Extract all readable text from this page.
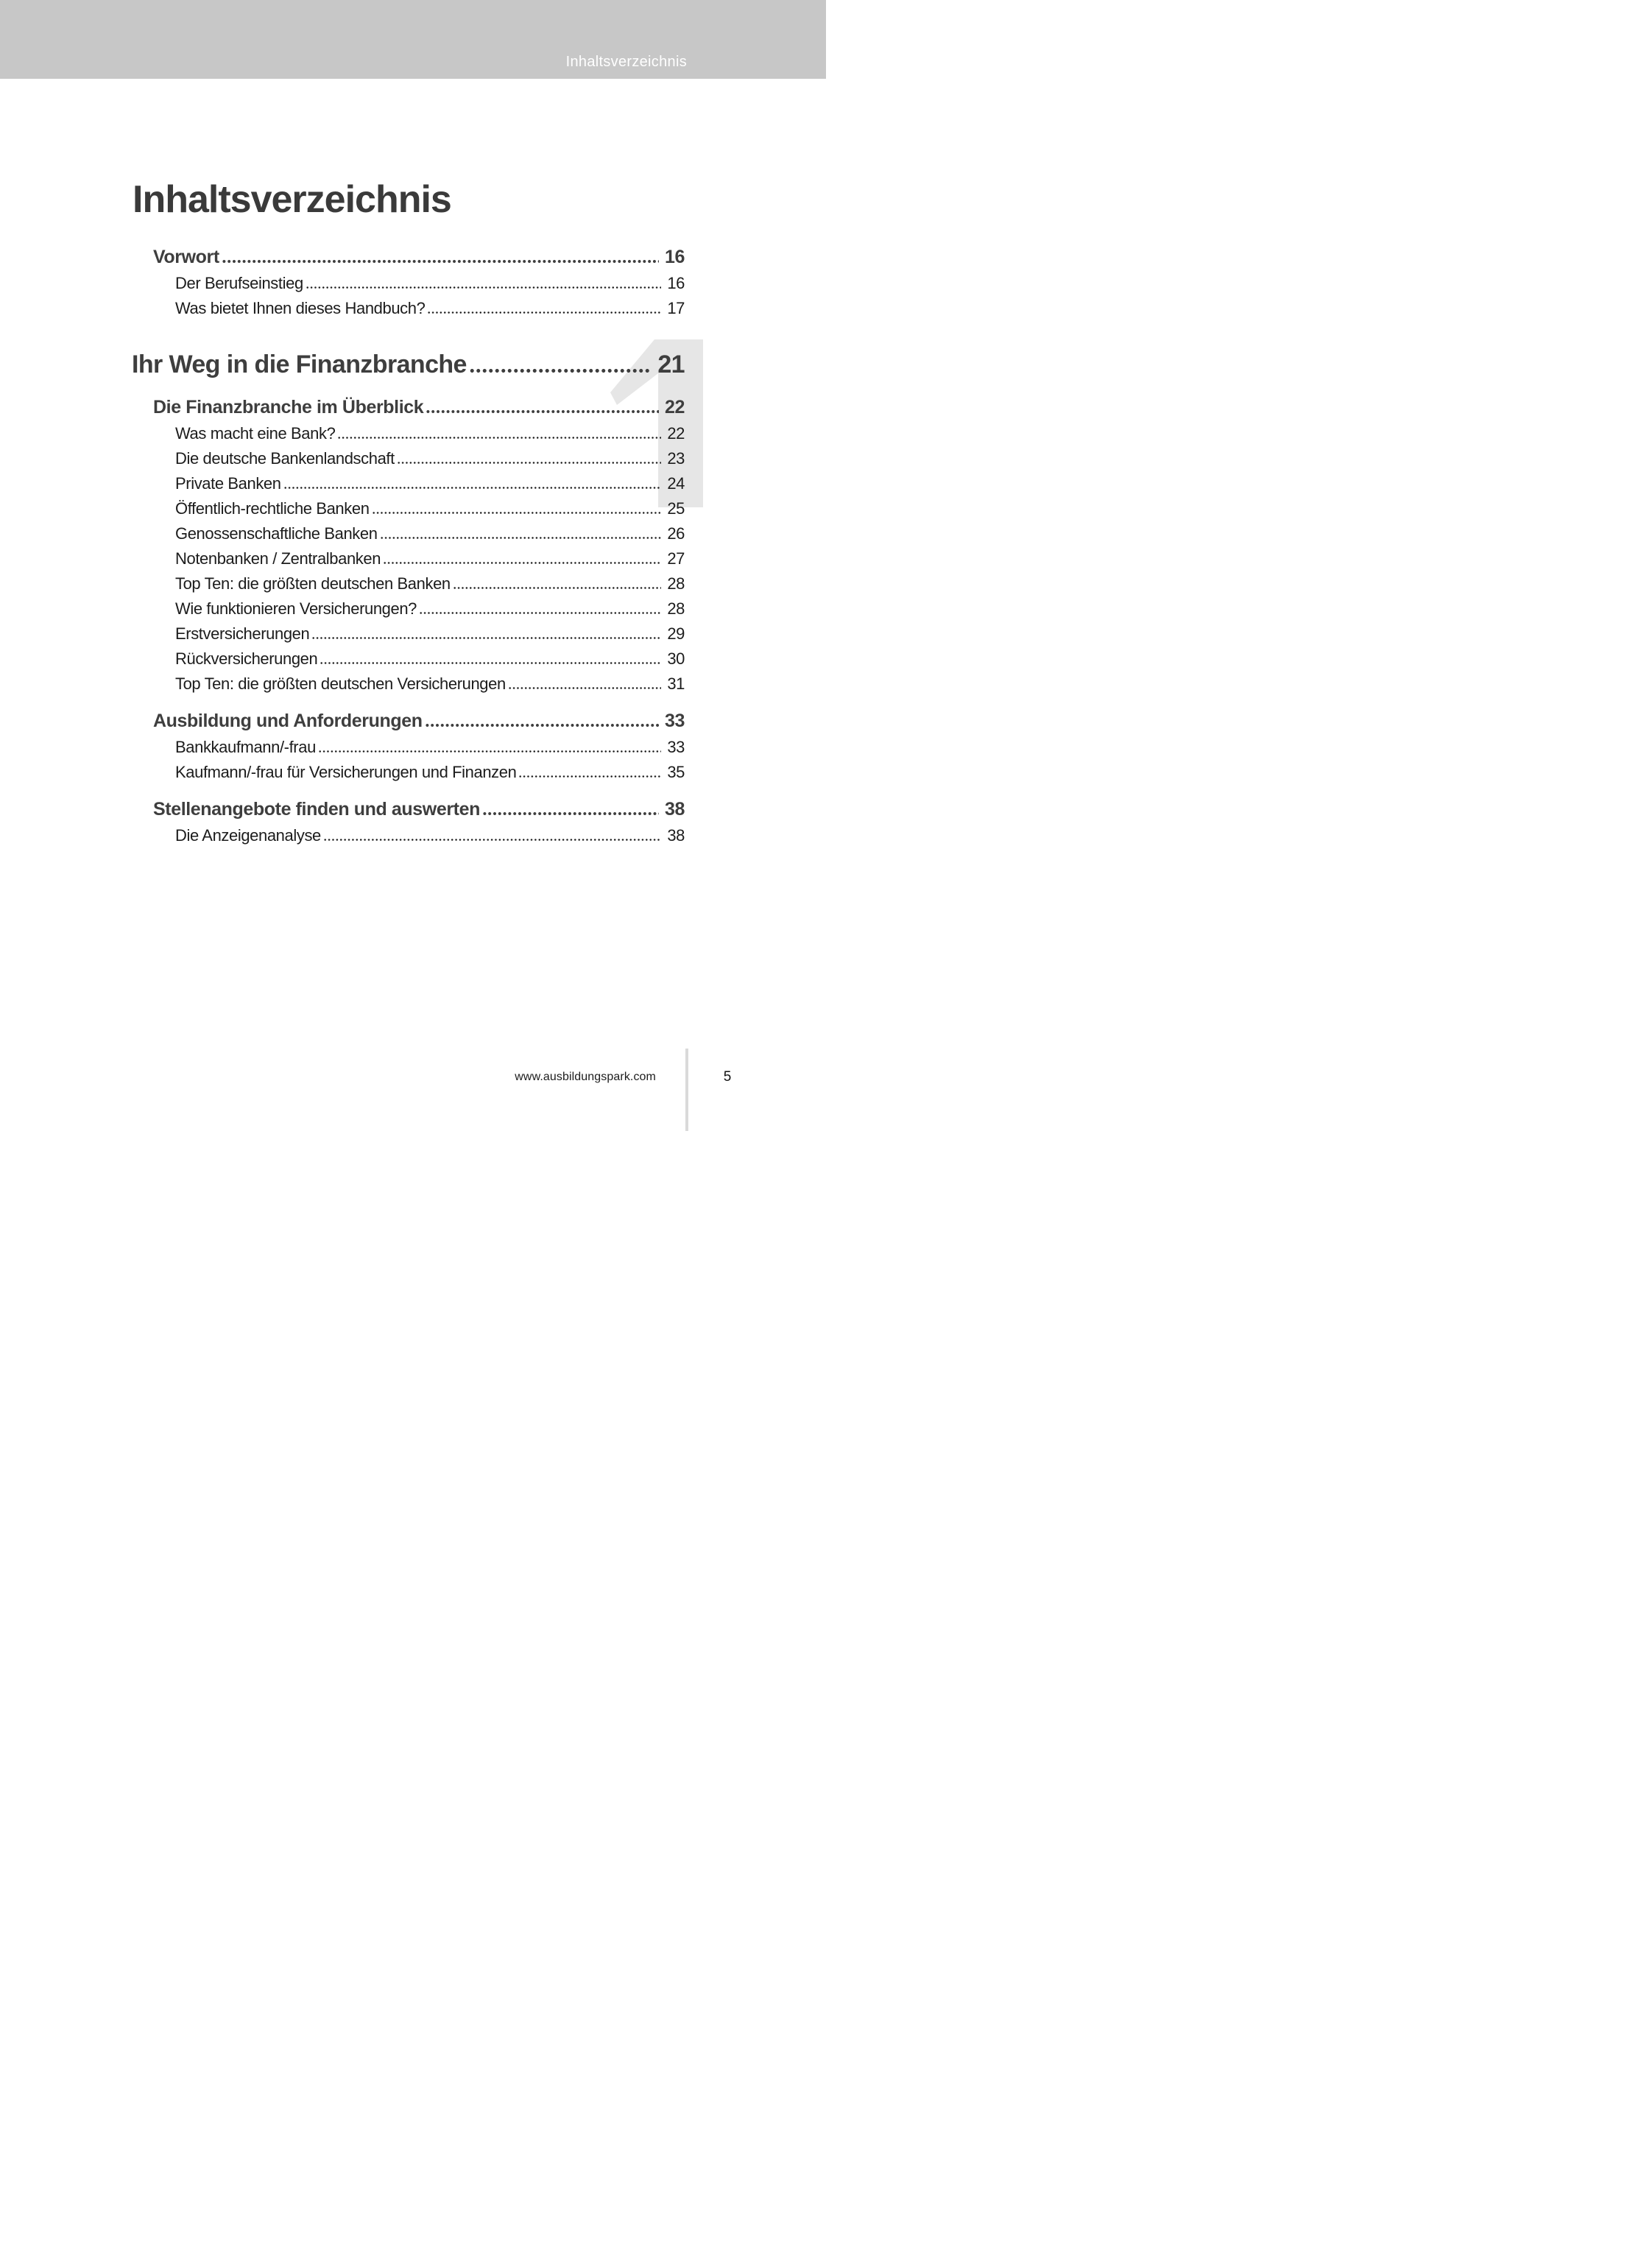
Inhaltsverzeichnis
Inhaltsverzeichnis
Vorwort	16
Der Berufseinstieg	16
Was bietet Ihnen dieses Handbuch?	17
Ihr Weg in die Finanzbranche	21
Die Finanzbranche im Überblick	22
Was macht eine Bank?	22
Die deutsche Bankenlandschaft	23
Private Banken	24
Öffentlich-rechtliche Banken	25
Genossenschaftliche Banken	26
Notenbanken / Zentralbanken	27
Top Ten: die größten deutschen Banken	28
Wie funktionieren Versicherungen?	28
Erstversicherungen	29
Rückversicherungen	30
Top Ten: die größten deutschen Versicherungen	31
Ausbildung und Anforderungen	33
Bankkaufmann/-frau	33
Kaufmann/-frau für Versicherungen und Finanzen	35
Stellenangebote finden und auswerten	38
Die Anzeigenanalyse	38
www.ausbildungspark.com	5
